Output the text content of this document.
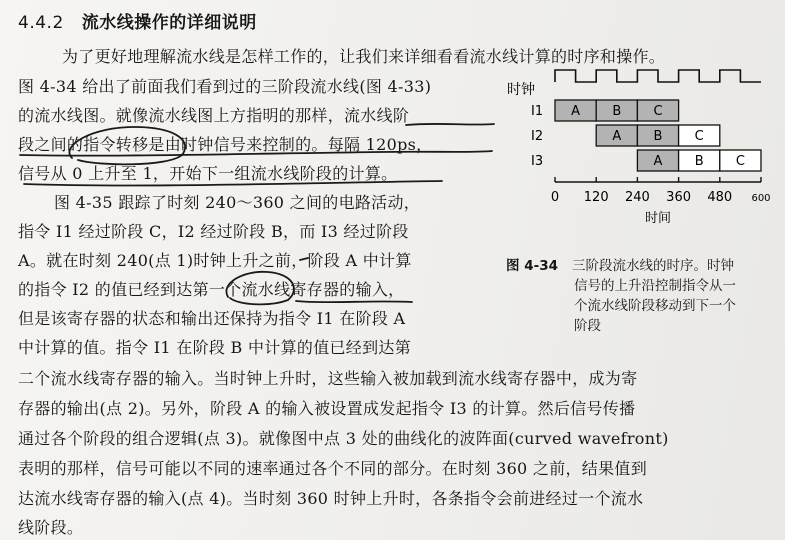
4.4.2 流水线操作的详细说明
为了更好地理解流水线是怎样工作的，让我们来详细看看流水线计算的时序和操作。
图 4-34 给出了前面我们看到过的三阶段流水线(图 4-33)
的流水线图。就像流水线图上方指明的那样，流水线阶
段之间的指令转移是由时钟信号来控制的。每隔 120ps，
信号从 0 上升至 1，开始下一组流水线阶段的计算。
图 4-35 跟踪了时刻 240～360 之间的电路活动，
指令 I1 经过阶段 C，I2 经过阶段 B，而 I3 经过阶段
A。就在时刻 240(点 1)时钟上升之前，阶段 A 中计算
的指令 I2 的值已经到达第一个流水线寄存器的输入，
但是该寄存器的状态和输出还保持为指令 I1 在阶段 A
中计算的值。指令 I1 在阶段 B 中计算的值已经到达第
二个流水线寄存器的输入。当时钟上升时，这些输入被加载到流水线寄存器中，成为寄
存器的输出(点 2)。另外，阶段 A 的输入被设置成发起指令 I3 的计算。然后信号传播
通过各个阶段的组合逻辑(点 3)。就像图中点 3 处的曲线化的波阵面(curved wavefront)
表明的那样，信号可能以不同的速率通过各个不同的部分。在时刻 360 之前，结果值到
达流水线寄存器的输入(点 4)。当时刻 360 时钟上升时，各条指令会前进经过一个流水
线阶段。
时钟
I1 A B C
I2	A B C
I3	A B C
0 120 240 360 480 600
时间
图 4-34 三阶段流水线的时序。时钟
信号的上升沿控制指令从一
个流水线阶段移动到下一个
阶段
